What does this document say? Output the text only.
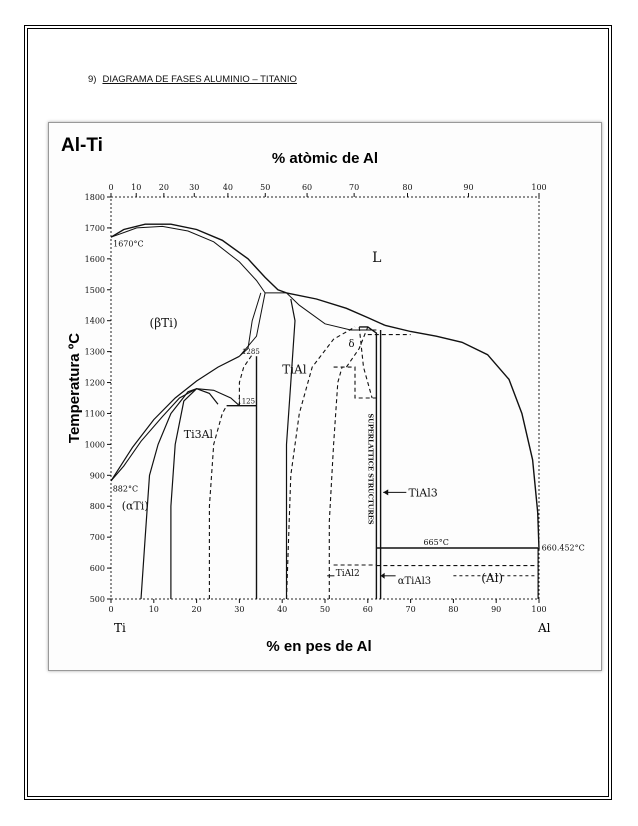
9) DIAGRAMA DE FASES ALUMINIO – TITANIO
Al-Ti
% atòmic de Al
% en pes de Al
Temperatura ºC
Ti	Al
500
600
700
800
900
1000
1100
1200
1300
1400
1500
1600
1700
1800
0	10	20	30	40	50	60	70	80	90	100
0 10 20	30	40	50	60	70	80	90	100
L
(βTi)
(αTi)
Ti3Al
TiAl
TiAl3
TiAl2
αTiAl3	(Al)
δ
SUPERLATTICE STRUCTURES
1670°C
882°C
1285
1125
665°C
660.452°C
